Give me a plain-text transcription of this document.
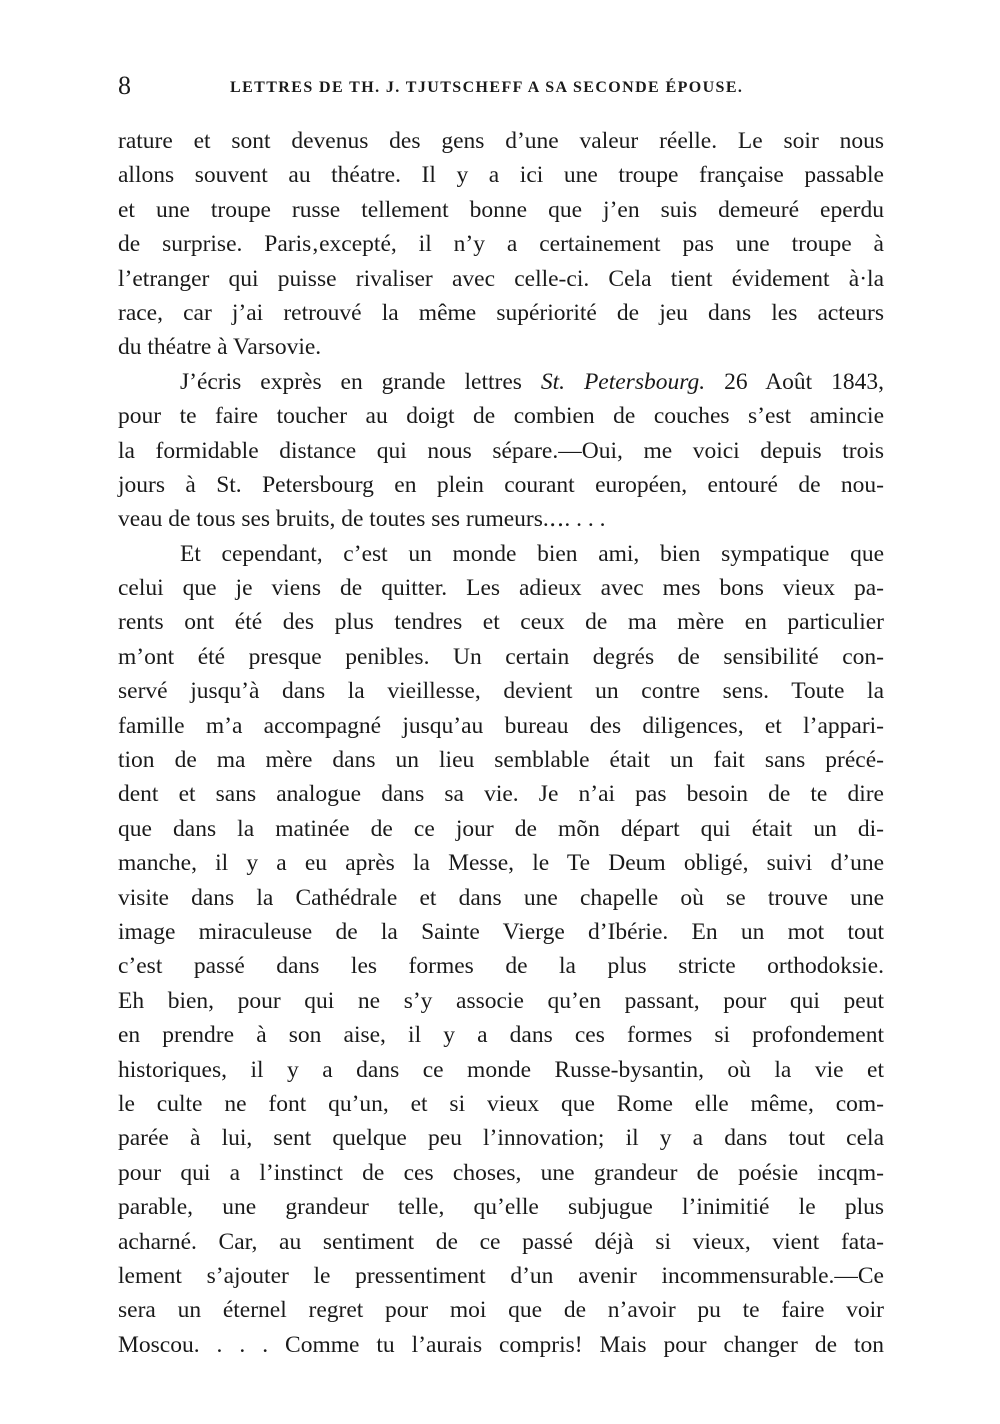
8	LETTRES DE TH. J. TJUTSCHEFF A SA SECONDE ÉPOUSE.
rature et sont devenus des gens d’une valeur réelle. Le soir nous
allons souvent au théatre. Il y a ici une troupe française passable
et une troupe russe tellement bonne que j’en suis demeuré eperdu
de surprise. Paris‚excepté, il n’y a certainement pas une troupe à
l’etranger qui puisse rivaliser avec celle-ci. Cela tient évidement à·la
race, car j’ai retrouvé la même supériorité de jeu dans les acteurs
du théatre à Varsovie.
J’écris exprès en grande lettres St. Petersbourg. 26 Août 1843,
pour te faire toucher au doigt de combien de couches s’est amincie
la formidable distance qui nous sépare.—Oui, me voici depuis trois
jours à St. Petersbourg en plein courant européen, entouré de nou-
veau de tous ses bruits, de toutes ses rumeurs.‥. . . .
Et cependant, c’est un monde bien ami, bien sympatique que
celui que je viens de quitter. Les adieux avec mes bons vieux pa-
rents ont été des plus tendres et ceux de ma mère en particulier
m’ont été presque penibles. Un certain degrés de sensibilité con-
servé jusqu’à dans la vieillesse, devient un contre sens. Toute la
famille m’a accompagné jusqu’au bureau des diligences, et l’appari-
tion de ma mère dans un lieu semblable était un fait sans précé-
dent et sans analogue dans sa vie. Je n’ai pas besoin de te dire
que dans la matinée de ce jour de mõn départ qui était un di-
manche, il y a eu après la Messe, le Te Deum obligé, suivi d’une
visite dans la Cathédrale et dans une chapelle où se trouve une
image miraculeuse de la Sainte Vierge d’Ibérie. En un mot tout
c’est passé dans les formes de la plus stricte orthodoksie.
Eh bien, pour qui ne s’y associe qu’en passant, pour qui peut
en prendre à son aise, il y a dans ces formes si profondement
historiques, il y a dans ce monde Russe-bysantin, où la vie et
le culte ne font qu’un, et si vieux que Rome elle même, com-
parée à lui, sent quelque peu l’innovation; il y a dans tout cela
pour qui a l’instinct de ces choses, une grandeur de poésie incqm-
parable, une grandeur telle, qu’elle subjugue l’inimitié le plus
acharné. Car, au sentiment de ce passé déjà si vieux, vient fata-
lement s’ajouter le pressentiment d’un avenir incommensurable.—Ce
sera un éternel regret pour moi que de n’avoir pu te faire voir
Moscou. . . . Comme tu l’aurais compris! Mais pour changer de ton
